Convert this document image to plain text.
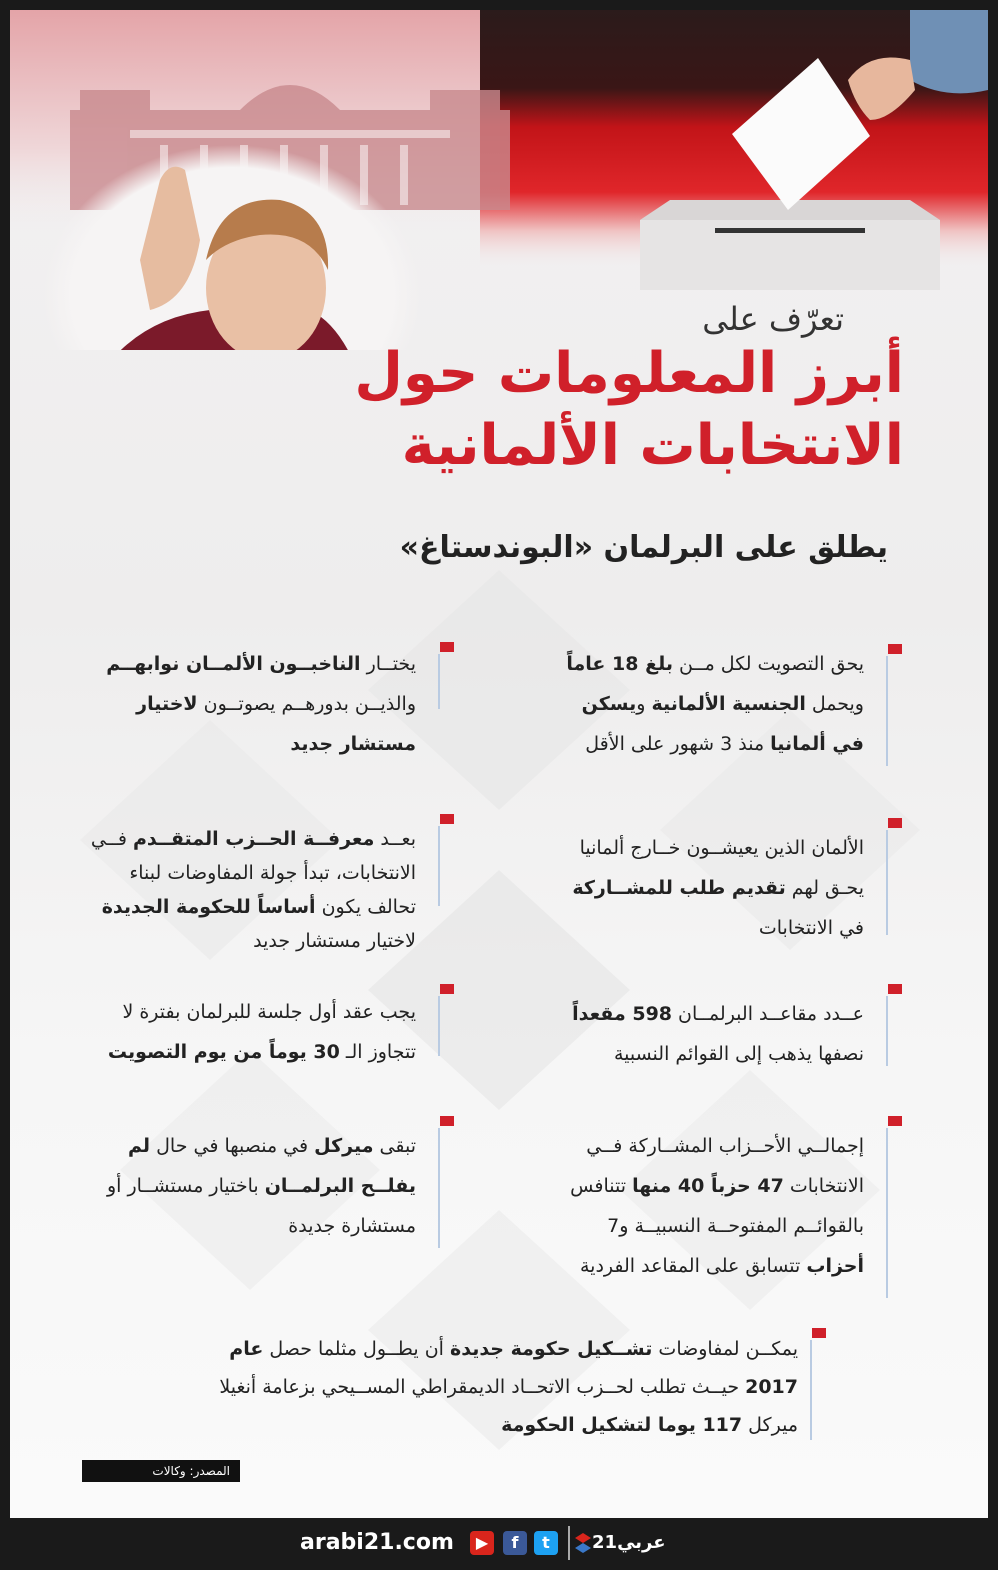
تعرّف على

أبرز المعلومات حول
الانتخابات الألمانية

يطلق على البرلمان «البوندستاغ»

يحق التصويت لكل مــن بلغ 18 عاماً
ويحمل الجنسية الألمانية ويسكن
في ألمانيا منذ 3 شهور على الأقل
الألمان الذين يعيشــون خــارج ألمانيا
يحـق لهم تقديم طلب للمشــاركة
في الانتخابات
عــدد مقاعــد البرلمــان 598 مقعداً
نصفها يذهب إلى القوائم النسبية
إجمالــي الأحــزاب المشــاركة فــي
الانتخابات 47 حزباً 40 منها تتنافس
بالقوائــم المفتوحــة النسبيــة و7
أحزاب تتسابق على المقاعد الفردية
يختــار الناخبــون الألمــان نوابهــم
والذيــن بدورهــم يصوتــون لاختيار
مستشار جديد
بعــد معرفــة الحــزب المتقــدم فــي
الانتخابات، تبدأ جولة المفاوضات لبناء
تحالف يكون أساساً للحكومة الجديدة
لاختيار مستشار جديد
يجب عقد أول جلسة للبرلمان بفترة لا
تتجاوز الـ 30 يوماً من يوم التصويت
تبقى ميركل في منصبها في حال لم
يفلــح البرلمــان باختيار مستشــار أو
مستشارة جديدة
يمكــن لمفاوضات تشــكيل حكومة جديدة أن يطــول مثلما حصل عام
2017 حيــث تطلب لحــزب الاتحــاد الديمقراطي المســيحي بزعامة أنغيلا
ميركل 117 يوما لتشكيل الحكومة
المصدر: وكالات
arabi21.com	▶	f	t	عربي21
